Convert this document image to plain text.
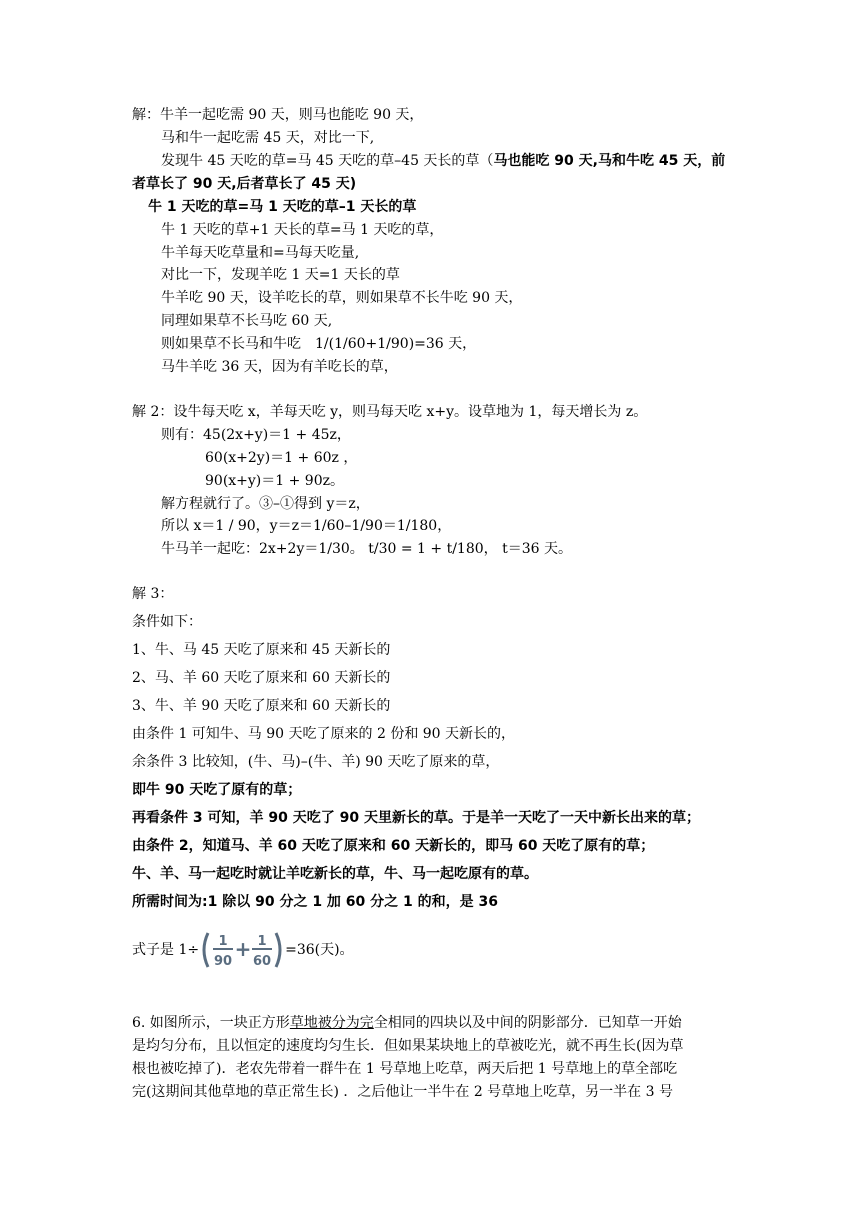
解：牛羊一起吃需 90 天，则马也能吃 90 天，
马和牛一起吃需 45 天，对比一下,
发现牛 45 天吃的草=马 45 天吃的草–45 天长的草（马也能吃 90 天,马和牛吃 45 天，前
者草长了 90 天,后者草长了 45 天)
牛 1 天吃的草=马 1 天吃的草–1 天长的草
牛 1 天吃的草+1 天长的草=马 1 天吃的草，
牛羊每天吃草量和=马每天吃量,
对比一下，发现羊吃 1 天=1 天长的草
牛羊吃 90 天，设羊吃长的草，则如果草不长牛吃 90 天，
同理如果草不长马吃 60 天,
则如果草不长马和牛吃　1/(1/60+1/90)=36 天，
马牛羊吃 36 天，因为有羊吃长的草，
解 2：设牛每天吃 x，羊每天吃 y，则马每天吃 x+y。设草地为 1，每天增长为 z。
则有：45(2x+y)＝1 + 45z，
60(x+2y)＝1 + 60z ，
90(x+y)＝1 + 90z。
解方程就行了。③–①得到 y＝z，
所以 x＝1 / 90，y＝z＝1/60–1/90＝1/180，
牛马羊一起吃：2x+2y＝1/30。 t/30 = 1 + t/180， t＝36 天。
解 3：
条件如下：
1、牛、马 45 天吃了原来和 45 天新长的
2、马、羊 60 天吃了原来和 60 天新长的
3、牛、羊 90 天吃了原来和 60 天新长的
由条件 1 可知牛、马 90 天吃了原来的 2 份和 90 天新长的，
余条件 3 比较知，(牛、马)–(牛、羊) 90 天吃了原来的草，
即牛 90 天吃了原有的草；
再看条件 3 可知，羊 90 天吃了 90 天里新长的草。于是羊一天吃了一天中新长出来的草；
由条件 2，知道马、羊 60 天吃了原来和 60 天新长的，即马 60 天吃了原有的草；
牛、羊、马一起吃时就让羊吃新长的草，牛、马一起吃原有的草。
所需时间为:1 除以 90 分之 1 加 60 分之 1 的和，是 36
式子是 1÷
1
90
+ 1
60
=36(天)。
6. 如图所示，一块正方形草地被分为完全相同的四块以及中间的阴影部分．已知草一开始
是均匀分布，且以恒定的速度均匀生长．但如果某块地上的草被吃光，就不再生长(因为草
根也被吃掉了)．老农先带着一群牛在 1 号草地上吃草，两天后把 1 号草地上的草全部吃
完(这期间其他草地的草正常生长) ．之后他让一半牛在 2 号草地上吃草，另一半在 3 号
